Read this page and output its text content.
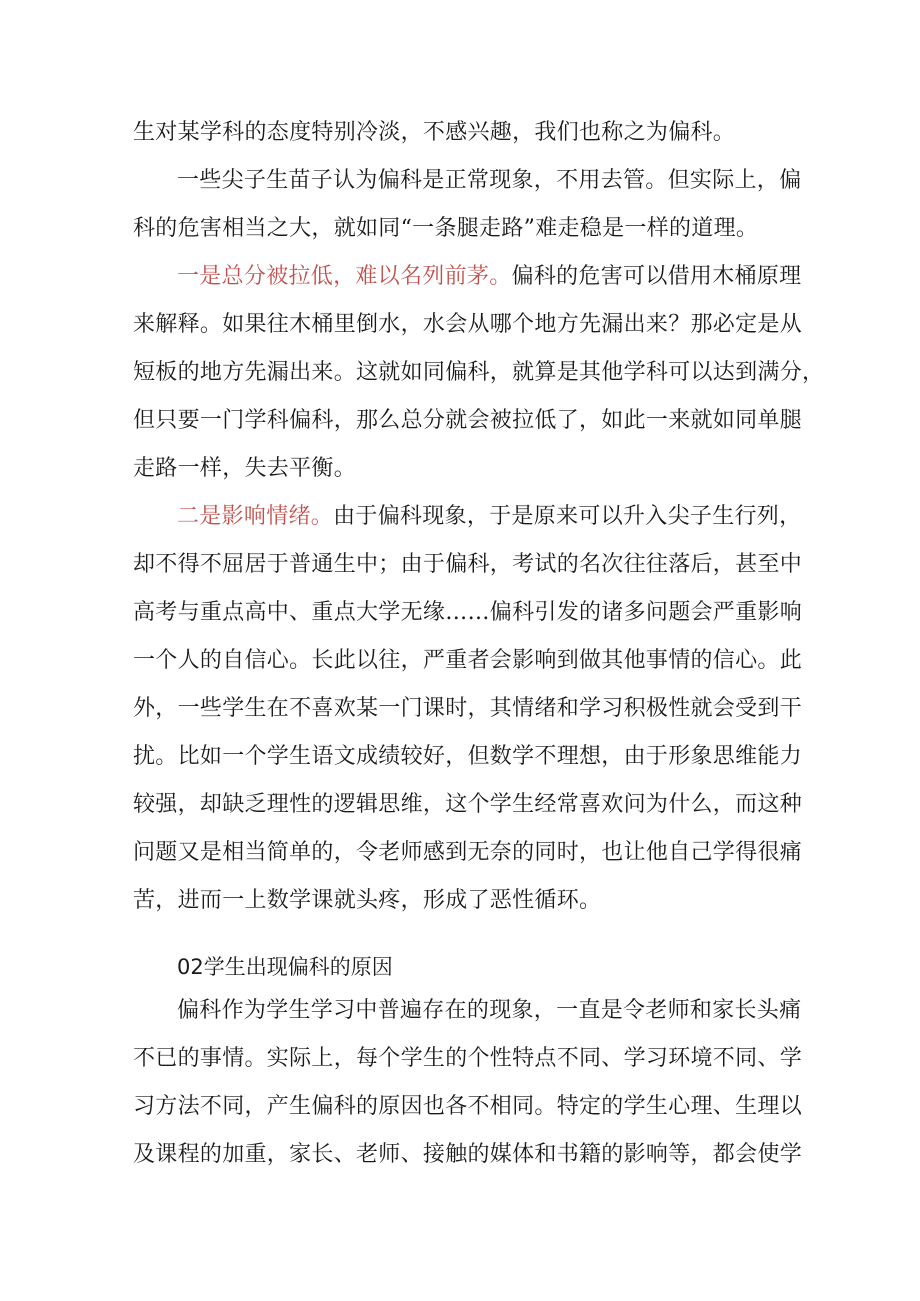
生对某学科的态度特别冷淡，不感兴趣，我们也称之为偏科。
一些尖子生苗子认为偏科是正常现象，不用去管。但实际上，偏
科的危害相当之大，就如同“一条腿走路”难走稳是一样的道理。
一是总分被拉低，难以名列前茅。偏科的危害可以借用木桶原理
来解释。如果往木桶里倒水，水会从哪个地方先漏出来？那必定是从
短板的地方先漏出来。这就如同偏科，就算是其他学科可以达到满分，
但只要一门学科偏科，那么总分就会被拉低了，如此一来就如同单腿
走路一样，失去平衡。
二是影响情绪。由于偏科现象，于是原来可以升入尖子生行列，
却不得不屈居于普通生中；由于偏科，考试的名次往往落后，甚至中
高考与重点高中、重点大学无缘……偏科引发的诸多问题会严重影响
一个人的自信心。长此以往，严重者会影响到做其他事情的信心。此
外，一些学生在不喜欢某一门课时，其情绪和学习积极性就会受到干
扰。比如一个学生语文成绩较好，但数学不理想，由于形象思维能力
较强，却缺乏理性的逻辑思维，这个学生经常喜欢问为什么，而这种
问题又是相当简单的，令老师感到无奈的同时，也让他自己学得很痛
苦，进而一上数学课就头疼，形成了恶性循环。
02学生出现偏科的原因
偏科作为学生学习中普遍存在的现象，一直是令老师和家长头痛
不已的事情。实际上，每个学生的个性特点不同、学习环境不同、学
习方法不同，产生偏科的原因也各不相同。特定的学生心理、生理以
及课程的加重，家长、老师、接触的媒体和书籍的影响等，都会使学
